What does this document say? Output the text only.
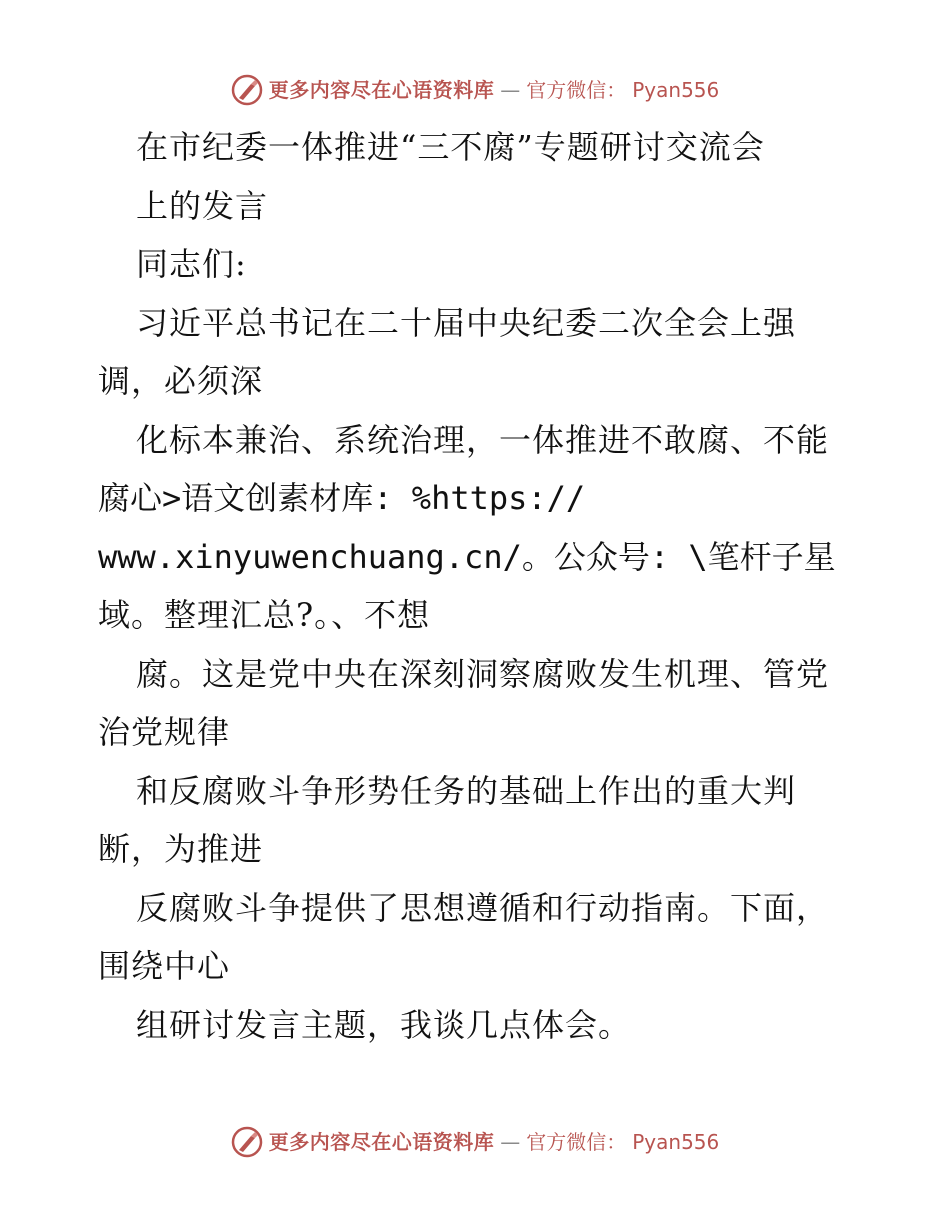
更多内容尽在心语资料库 — 官方微信： Pyan556
在市纪委一体推进“三不腐”专题研讨交流会
上的发言
同志们:
习近平总书记在二十届中央纪委二次全会上强
调，必须深
化标本兼治、系统治理，一体推进不敢腐、不能
腐心>语文创素材库: %https://
www.xinyuwenchuang.cn/。公众号: \笔杆子星
域。整理汇总?。、不想
腐。这是党中央在深刻洞察腐败发生机理、管党
治党规律
和反腐败斗争形势任务的基础上作出的重大判
断，为推进
反腐败斗争提供了思想遵循和行动指南。下面，
围绕中心
组研讨发言主题，我谈几点体会。
更多内容尽在心语资料库 — 官方微信： Pyan556
